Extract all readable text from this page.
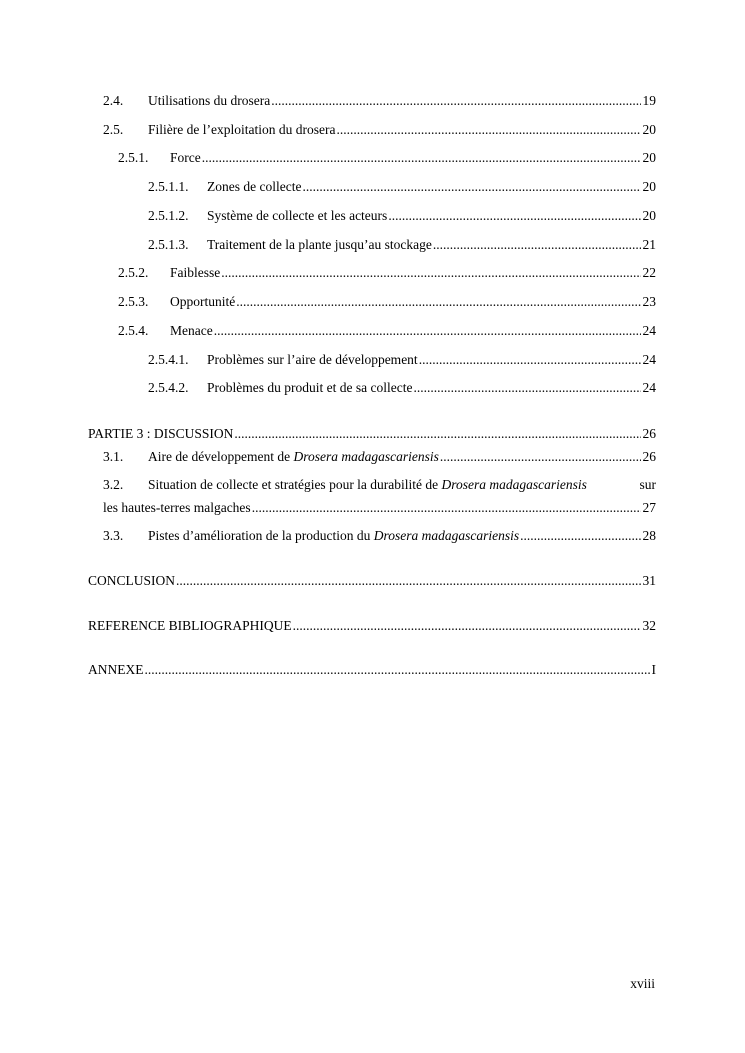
2.4.	Utilisations du drosera .....	19
2.5.	Filière de l’exploitation du drosera .....	20
2.5.1.	Force .....	20
2.5.1.1.	Zones de collecte .....	20
2.5.1.2.	Système de collecte et les acteurs .....	20
2.5.1.3.	Traitement de la plante jusqu’au stockage .....	21
2.5.2.	Faiblesse .....	22
2.5.3.	Opportunité .....	23
2.5.4.	Menace .....	24
2.5.4.1.	Problèmes sur l’aire de développement .....	24
2.5.4.2.	Problèmes du produit et de sa collecte .....	24
PARTIE 3 : DISCUSSION .....	26
3.1.	Aire de développement de Drosera madagascariensis .....	26
3.2. Situation de collecte et stratégies pour la durabilité de Drosera madagascariensis	sur
les hautes-terres malgaches .....	27
3.3.	Pistes d’amélioration de la production du Drosera madagascariensis .....	28
CONCLUSION .....	31
REFERENCE BIBLIOGRAPHIQUE .....	32
ANNEXE .....	I
xviii
